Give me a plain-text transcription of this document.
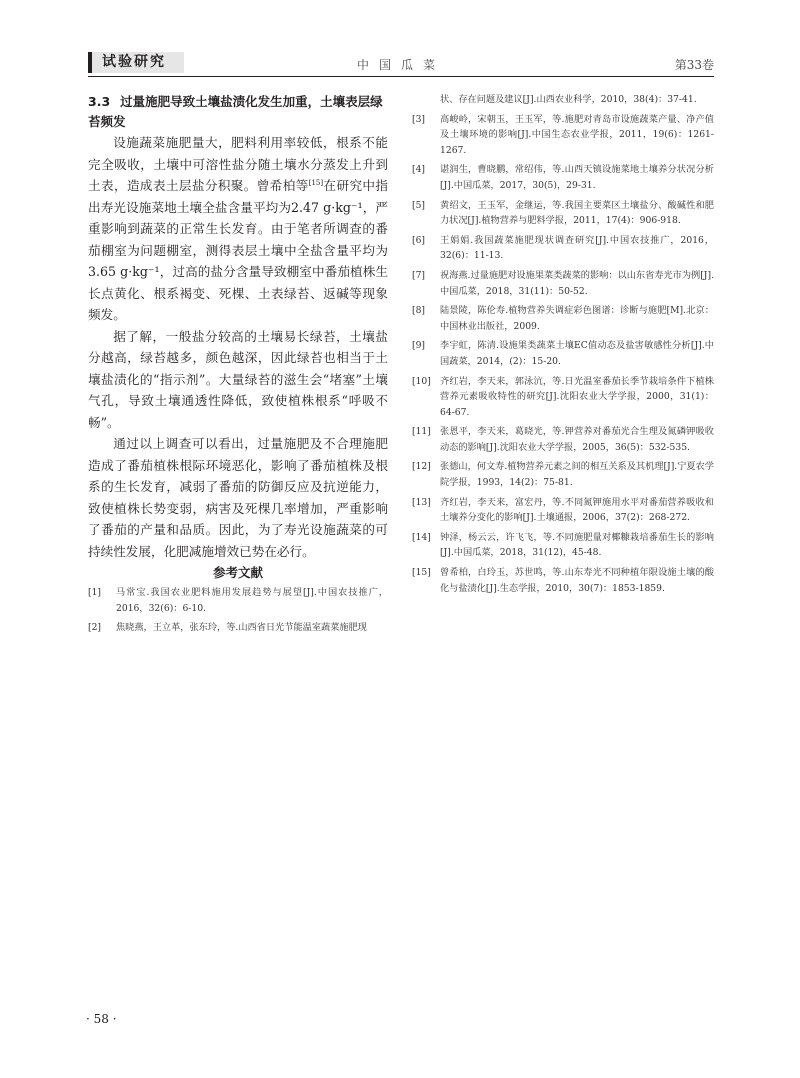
试验研究	中国瓜菜	第33卷
3.3 过量施肥导致土壤盐渍化发生加重，土壤表层绿苔频发

设施蔬菜施肥量大，肥料利用率较低，根系不能完全吸收，土壤中可溶性盐分随土壤水分蒸发上升到土表，造成表土层盐分积聚。曾希柏等[15]在研究中指出寿光设施菜地土壤全盐含量平均为2.47 g·kg⁻¹，严重影响到蔬菜的正常生长发育。由于笔者所调查的番茄棚室为问题棚室，测得表层土壤中全盐含量平均为3.65 g·kg⁻¹，过高的盐分含量导致棚室中番茄植株生长点黄化、根系褐变、死棵、土表绿苔、返碱等现象频发。

据了解，一般盐分较高的土壤易长绿苔，土壤盐分越高，绿苔越多，颜色越深，因此绿苔也相当于土壤盐渍化的“指示剂”。大量绿苔的滋生会“堵塞”土壤气孔，导致土壤通透性降低，致使植株根系“呼吸不畅”。

通过以上调查可以看出，过量施肥及不合理施肥造成了番茄植株根际环境恶化，影响了番茄植株及根系的生长发育，减弱了番茄的防御反应及抗逆能力，致使植株长势变弱，病害及死棵几率增加，严重影响了番茄的产量和品质。因此，为了寿光设施蔬菜的可持续性发展，化肥减施增效已势在必行。

参考文献
[1]	马常宝.我国农业肥料施用发展趋势与展望[J].中国农技推广，2016，32(6)：6-10.
[2]	焦晓燕，王立革，张东玲，等.山西省日光节能温室蔬菜施肥现
状、存在问题及建议[J].山西农业科学，2010，38(4)：37-41.
[3]	高峻岭，宋朝玉，王玉军，等.施肥对青岛市设施蔬菜产量、净产值及土壤环境的影响[J].中国生态农业学报，2011，19(6)：1261-1267.
[4]	谌润生，曹晓鹏，常绍伟，等.山西天镇设施菜地土壤养分状况分析[J].中国瓜菜，2017，30(5)，29-31.
[5]	黄绍文，王玉军，金继运，等.我国主要菜区土壤盐分、酸碱性和肥力状况[J].植物营养与肥料学报，2011，17(4)：906-918.
[6]	王娟娟.我国蔬菜施肥现状调查研究[J].中国农技推广，2016，32(6)：11-13.
[7]	祝海燕.过量施肥对设施果菜类蔬菜的影响：以山东省寿光市为例[J].中国瓜菜，2018，31(11)：50-52.
[8]	陆景陵，陈伦寿.植物营养失调症彩色图谱：诊断与施肥[M].北京：中国林业出版社，2009.
[9]	李宇虹，陈清.设施果类蔬菜土壤EC值动态及盐害敏感性分析[J].中国蔬菜，2014，(2)：15-20.
[10] 齐红岩，李天来，郭泳沆，等.日光温室番茄长季节栽培条件下植株营养元素吸收特性的研究[J].沈阳农业大学学报，2000，31(1)：64-67.
[11] 张恩平，李天来，葛晓光，等.钾营养对番茄光合生理及氮磷钾吸收动态的影响[J].沈阳农业大学学报，2005，36(5)：532-535.
[12] 张德山，何文寿.植物营养元素之间的相互关系及其机理[J].宁夏农学院学报，1993，14(2)：75-81.
[13] 齐红岩，李天来，富宏丹，等.不同氮钾施用水平对番茄营养吸收和土壤养分变化的影响[J].土壤通报，2006，37(2)：268-272.
[14] 钟泽，杨云云，许飞飞，等.不同施肥量对椰糠栽培番茄生长的影响[J].中国瓜菜，2018，31(12)，45-48.
[15] 曾希柏，白玲玉，苏世鸣，等.山东寿光不同种植年限设施土壤的酸化与盐渍化[J].生态学报，2010，30(7)：1853-1859.
· 58 ·
